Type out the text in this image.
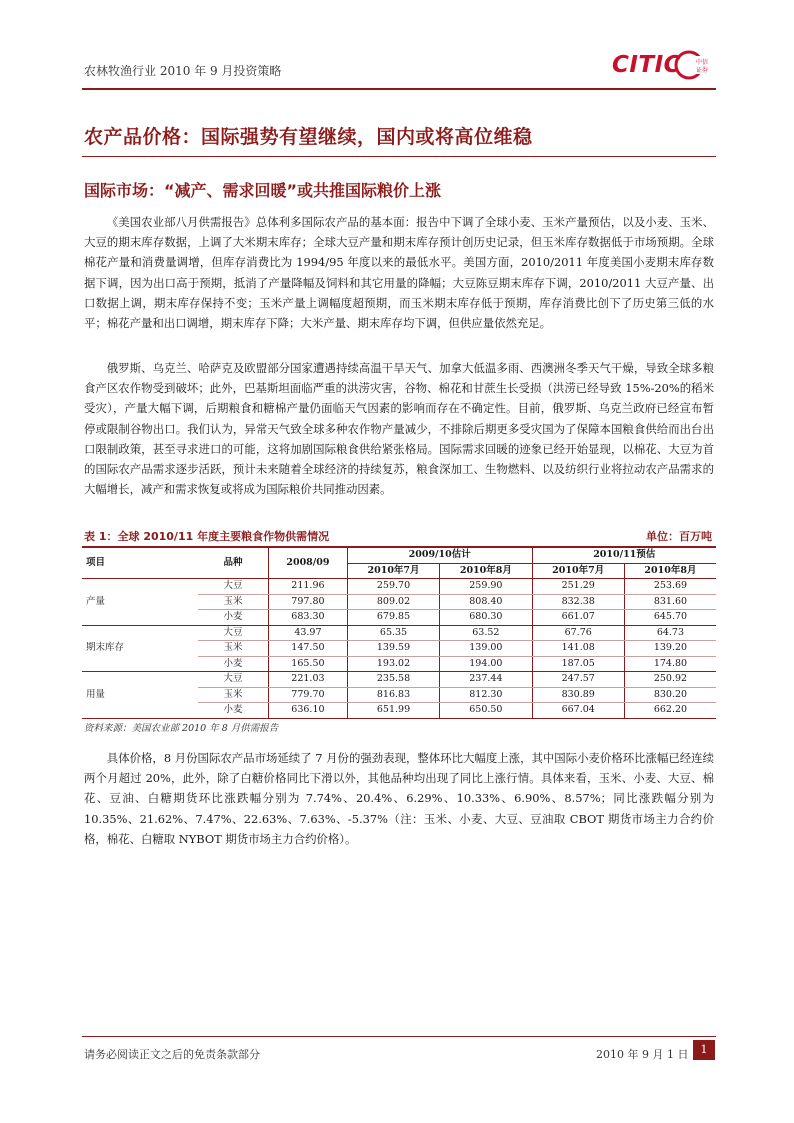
农林牧渔行业 2010 年 9 月投资策略	CITIC 中信
证券
农产品价格：国际强势有望继续，国内或将高位维稳
国际市场：“减产、需求回暖”或共推国际粮价上涨

《美国农业部八月供需报告》总体利多国际农产品的基本面：报告中下调了全球小麦、玉米产量预估，以及小麦、玉米、大豆的期末库存数据，上调了大米期末库存；全球大豆产量和期末库存预计创历史记录，但玉米库存数据低于市场预期。全球棉花产量和消费量调增，但库存消费比为 1994/95 年度以来的最低水平。美国方面，2010/2011 年度美国小麦期末库存数据下调，因为出口高于预期，抵消了产量降幅及饲料和其它用量的降幅；大豆陈豆期末库存下调，2010/2011 大豆产量、出口数据上调，期末库存保持不变；玉米产量上调幅度超预期，而玉米期末库存低于预期，库存消费比创下了历史第三低的水平；棉花产量和出口调增，期末库存下降；大米产量、期末库存均下调，但供应量依然充足。

俄罗斯、乌克兰、哈萨克及欧盟部分国家遭遇持续高温干旱天气、加拿大低温多雨、西澳洲冬季天气干燥，导致全球多粮食产区农作物受到破坏；此外，巴基斯坦面临严重的洪涝灾害，谷物、棉花和甘蔗生长受损（洪涝已经导致 15%-20%的稻米受灾），产量大幅下调，后期粮食和糖棉产量仍面临天气因素的影响而存在不确定性。目前，俄罗斯、乌克兰政府已经宣布暂停或限制谷物出口。我们认为，异常天气致全球多种农作物产量减少，不排除后期更多受灾国为了保障本国粮食供给而出台出口限制政策，甚至寻求进口的可能，这将加剧国际粮食供给紧张格局。国际需求回暖的迹象已经开始显现，以棉花、大豆为首的国际农产品需求逐步活跃，预计未来随着全球经济的持续复苏，粮食深加工、生物燃料、以及纺织行业将拉动农产品需求的大幅增长，减产和需求恢复或将成为国际粮价共同推动因素。

表 1：全球 2010/11 年度主要粮食作物供需情况	单位：百万吨
项目	品种	2008/09	2009/10估计		2010/11预估	
			2010年7月	2010年8月	2010年7月	2010年8月
产量	大豆	211.96	259.70	259.90	251.29	253.69
	玉米	797.80	809.02	808.40	832.38	831.60
	小麦	683.30	679.85	680.30	661.07	645.70
期末库存	大豆	43.97	65.35	63.52	67.76	64.73
	玉米	147.50	139.59	139.00	141.08	139.20
	小麦	165.50	193.02	194.00	187.05	174.80
用量	大豆	221.03	235.58	237.44	247.57	250.92
	玉米	779.70	816.83	812.30	830.89	830.20
	小麦	636.10	651.99	650.50	667.04	662.20
资料来源：美国农业部 2010 年 8 月供需报告

具体价格，8 月份国际农产品市场延续了 7 月份的强劲表现，整体环比大幅度上涨，其中国际小麦价格环比涨幅已经连续两个月超过 20%，此外，除了白糖价格同比下滑以外，其他品种均出现了同比上涨行情。具体来看，玉米、小麦、大豆、棉花、豆油、白糖期货环比涨跌幅分别为 7.74%、20.4%、6.29%、10.33%、6.90%、8.57%；同比涨跌幅分别为 10.35%、21.62%、7.47%、22.63%、7.63%、-5.37%（注：玉米、小麦、大豆、豆油取 CBOT 期货市场主力合约价格，棉花、白糖取 NYBOT 期货市场主力合约价格）。

请务必阅读正文之后的免责条款部分	2010 年 9 月 1 日	1
